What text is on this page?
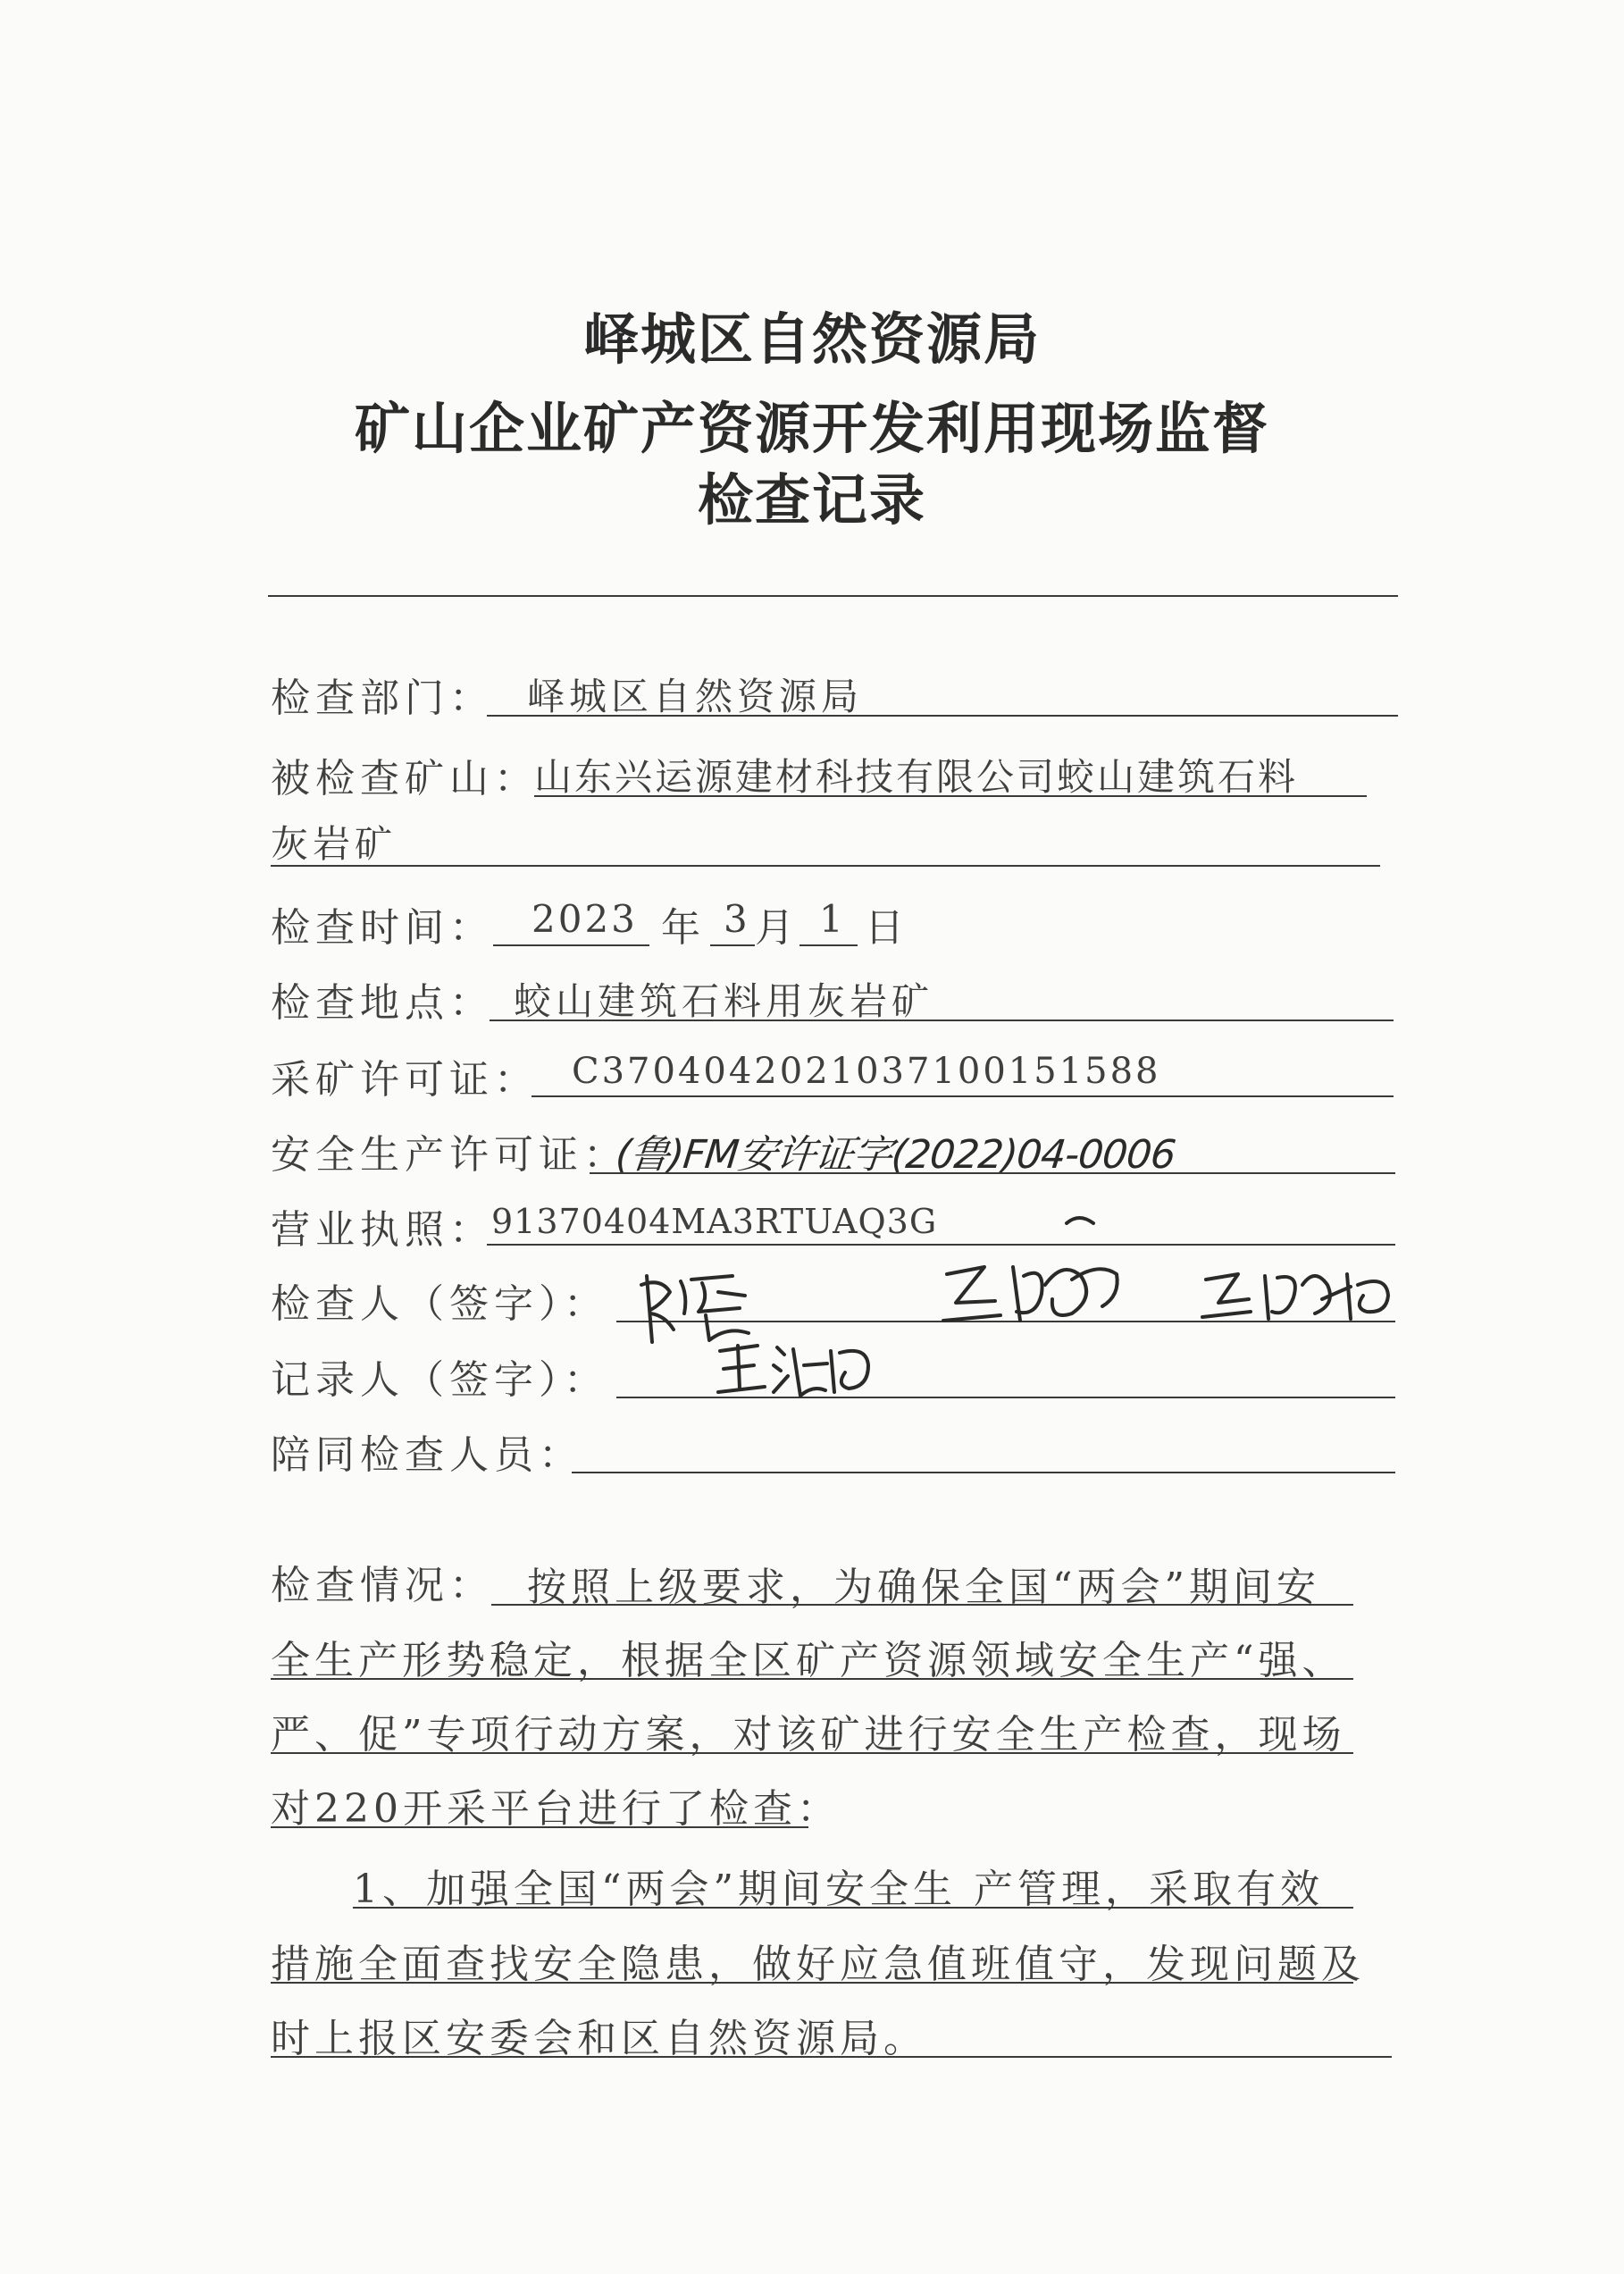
峄城区自然资源局
矿山企业矿产资源开发利用现场监督
检查记录
检查部门： 峄城区自然资源局
被检查矿山：
山东兴运源建材科技有限公司蛟山建筑石料
灰岩矿
检查时间： 2023 年 3 月 1 日
检查地点： 蛟山建筑石料用灰岩矿
采矿许可证： C3704042021037100151588
安全生产许可证：
(鲁)FM安许证字(2022)04-0006
营业执照：
91370404MA3RTUAQ3G
检查人（签字）：
记录人（签字）：
陪同检查人员：
检查情况： 按照上级要求，为确保全国“两会”期间安
全生产形势稳定，根据全区矿产资源领域安全生产“强、
严、促”专项行动方案，对该矿进行安全生产检查，现场
对220开采平台进行了检查：
1、加强全国“两会”期间安全生 产管理，采取有效
措施全面查找安全隐患，做好应急值班值守，发现问题及
时上报区安委会和区自然资源局。
